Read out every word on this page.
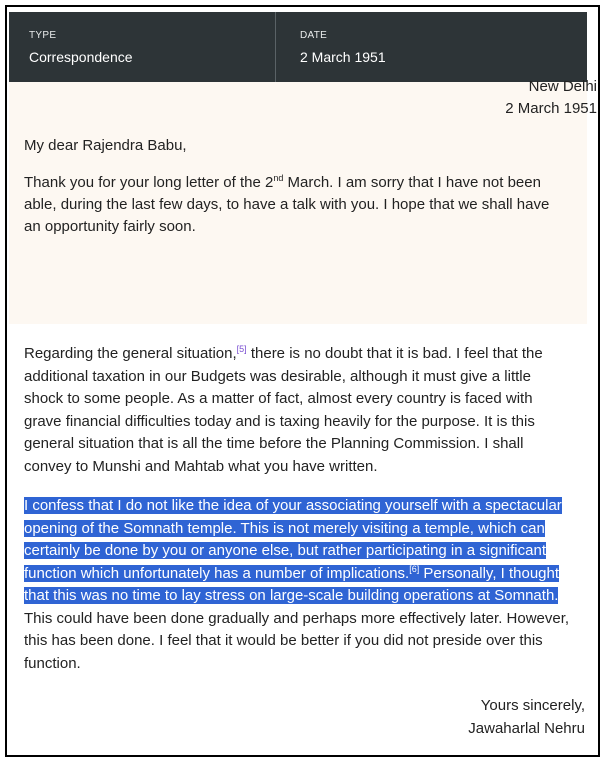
TYPE
Correspondence
DATE
2 March 1951
New Delhi
2 March 1951
My dear Rajendra Babu,
Thank you for your long letter of the 2nd March. I am sorry that I have not been able, during the last few days, to have a talk with you. I hope that we shall have an opportunity fairly soon.
Regarding the general situation,[5] there is no doubt that it is bad. I feel that the additional taxation in our Budgets was desirable, although it must give a little shock to some people. As a matter of fact, almost every country is faced with grave financial difficulties today and is taxing heavily for the purpose. It is this general situation that is all the time before the Planning Commission. I shall convey to Munshi and Mahtab what you have written.
I confess that I do not like the idea of your associating yourself with a spectacular opening of the Somnath temple. This is not merely visiting a temple, which can certainly be done by you or anyone else, but rather participating in a significant function which unfortunately has a number of implications.[6] Personally, I thought that this was no time to lay stress on large-scale building operations at Somnath. This could have been done gradually and perhaps more effectively later. However, this has been done. I feel that it would be better if you did not preside over this function.
Yours sincerely,
Jawaharlal Nehru
